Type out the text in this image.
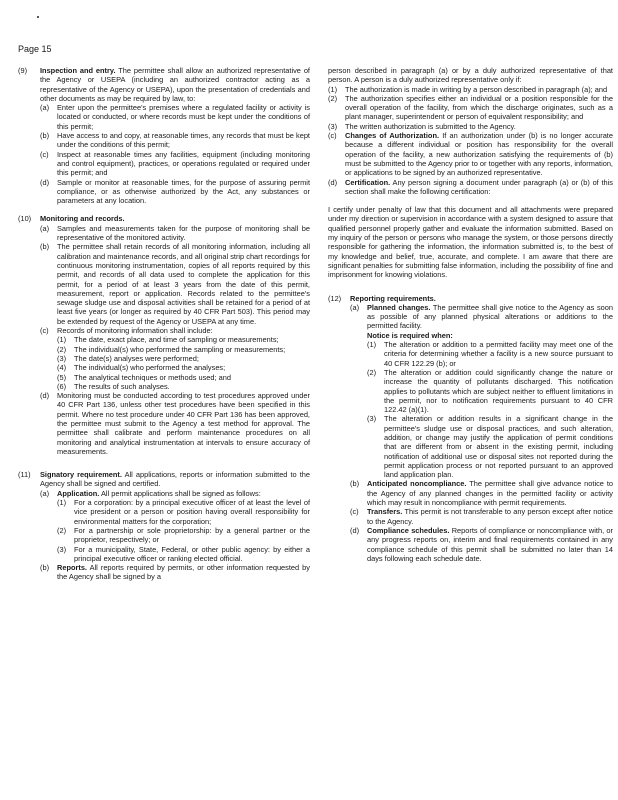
Page 15
(9) Inspection and entry. The permittee shall allow an authorized representative of the Agency or USEPA (including an authorized contractor acting as a representative of the Agency or USEPA), upon the presentation of credentials and other documents as may be required by law, to:

(a) Enter upon the permittee's premises where a regulated facility or activity is located or conducted, or where records must be kept under the conditions of this permit;
(b) Have access to and copy, at reasonable times, any records that must be kept under the conditions of this permit;
(c) Inspect at reasonable times any facilities, equipment (including monitoring and control equipment), practices, or operations regulated or required under this permit; and
(d) Sample or monitor at reasonable times, for the purpose of assuring permit compliance, or as otherwise authorized by the Act, any substances or parameters at any location.
(10) Monitoring and records.

(a) Samples and measurements taken for the purpose of monitoring shall be representative of the monitored activity.
(b) The permittee shall retain records of all monitoring information, including all calibration and maintenance records, and all original strip chart recordings for continuous monitoring instrumentation, copies of all reports required by this permit, and records of all data used to complete the application for this permit, for a period of at least 3 years from the date of this permit, measurement, report or application. Records related to the permittee's sewage sludge use and disposal activities shall be retained for a period of at least five years (or longer as required by 40 CFR Part 503). This period may be extended by request of the Agency or USEPA at any time.
(c) Records of monitoring information shall include:
(1) The date, exact place, and time of sampling or measurements;
(2) The individual(s) who performed the sampling or measurements;
(3) The date(s) analyses were performed;
(4) The individual(s) who performed the analyses;
(5) The analytical techniques or methods used; and
(6) The results of such analyses.
(d) Monitoring must be conducted according to test procedures approved under 40 CFR Part 136, unless other test procedures have been specified in this permit. Where no test procedure under 40 CFR Part 136 has been approved, the permittee must submit to the Agency a test method for approval. The permittee shall calibrate and perform maintenance procedures on all monitoring and analytical instrumentation at intervals to ensure accuracy of measurements.
(11) Signatory requirement. All applications, reports or information submitted to the Agency shall be signed and certified.

(a) Application. All permit applications shall be signed as follows:
(1) For a corporation: by a principal executive officer of at least the level of vice president or a person or position having overall responsibility for environmental matters for the corporation;
(2) For a partnership or sole proprietorship: by a general partner or the proprietor, respectively; or
(3) For a municipality, State, Federal, or other public agency: by either a principal executive officer or ranking elected official.
(b) Reports. All reports required by permits, or other information requested by the Agency shall be signed by a

person described in paragraph (a) or by a duly authorized representative of that person. A person is a duly authorized representative only if:

(1) The authorization is made in writing by a person described in paragraph (a); and
(2) The authorization specifies either an individual or a position responsible for the overall operation of the facility, from which the discharge originates, such as a plant manager, superintendent or person of equivalent responsibility; and
(3) The written authorization is submitted to the Agency.
(c) Changes of Authorization. If an authorization under (b) is no longer accurate because a different individual or position has responsibility for the overall operation of the facility, a new authorization satisfying the requirements of (b) must be submitted to the Agency prior to or together with any reports, information, or applications to be signed by an authorized representative.
(d) Certification. Any person signing a document under paragraph (a) or (b) of this section shall make the following certification:

I certify under penalty of law that this document and all attachments were prepared under my direction or supervision in accordance with a system designed to assure that qualified personnel properly gather and evaluate the information submitted. Based on my inquiry of the person or persons who manage the system, or those persons directly responsible for gathering the information, the information submitted is, to the best of my knowledge and belief, true, accurate, and complete. I am aware that there are significant penalties for submitting false information, including the possibility of fine and imprisonment for knowing violations.

(12) Reporting requirements.

(a) Planned changes. The permittee shall give notice to the Agency as soon as possible of any planned physical alterations or additions to the permitted facility.

Notice is required when:

(1) The alteration or addition to a permitted facility may meet one of the criteria for determining whether a facility is a new source pursuant to 40 CFR 122.29 (b); or
(2) The alteration or addition could significantly change the nature or increase the quantity of pollutants discharged. This notification applies to pollutants which are subject neither to effluent limitations in the permit, nor to notification requirements pursuant to 40 CFR 122.42 (a)(1).
(3) The alteration or addition results in a significant change in the permittee's sludge use or disposal practices, and such alteration, addition, or change may justify the application of permit conditions that are different from or absent in the existing permit, including notification of additional use or disposal sites not reported during the permit application process or not reported pursuant to an approved land application plan.
(b) Anticipated noncompliance. The permittee shall give advance notice to the Agency of any planned changes in the permitted facility or activity which may result in noncompliance with permit requirements.
(c) Transfers. This permit is not transferable to any person except after notice to the Agency.
(d) Compliance schedules. Reports of compliance or noncompliance with, or any progress reports on, interim and final requirements contained in any compliance schedule of this permit shall be submitted no later than 14 days following each schedule date.
